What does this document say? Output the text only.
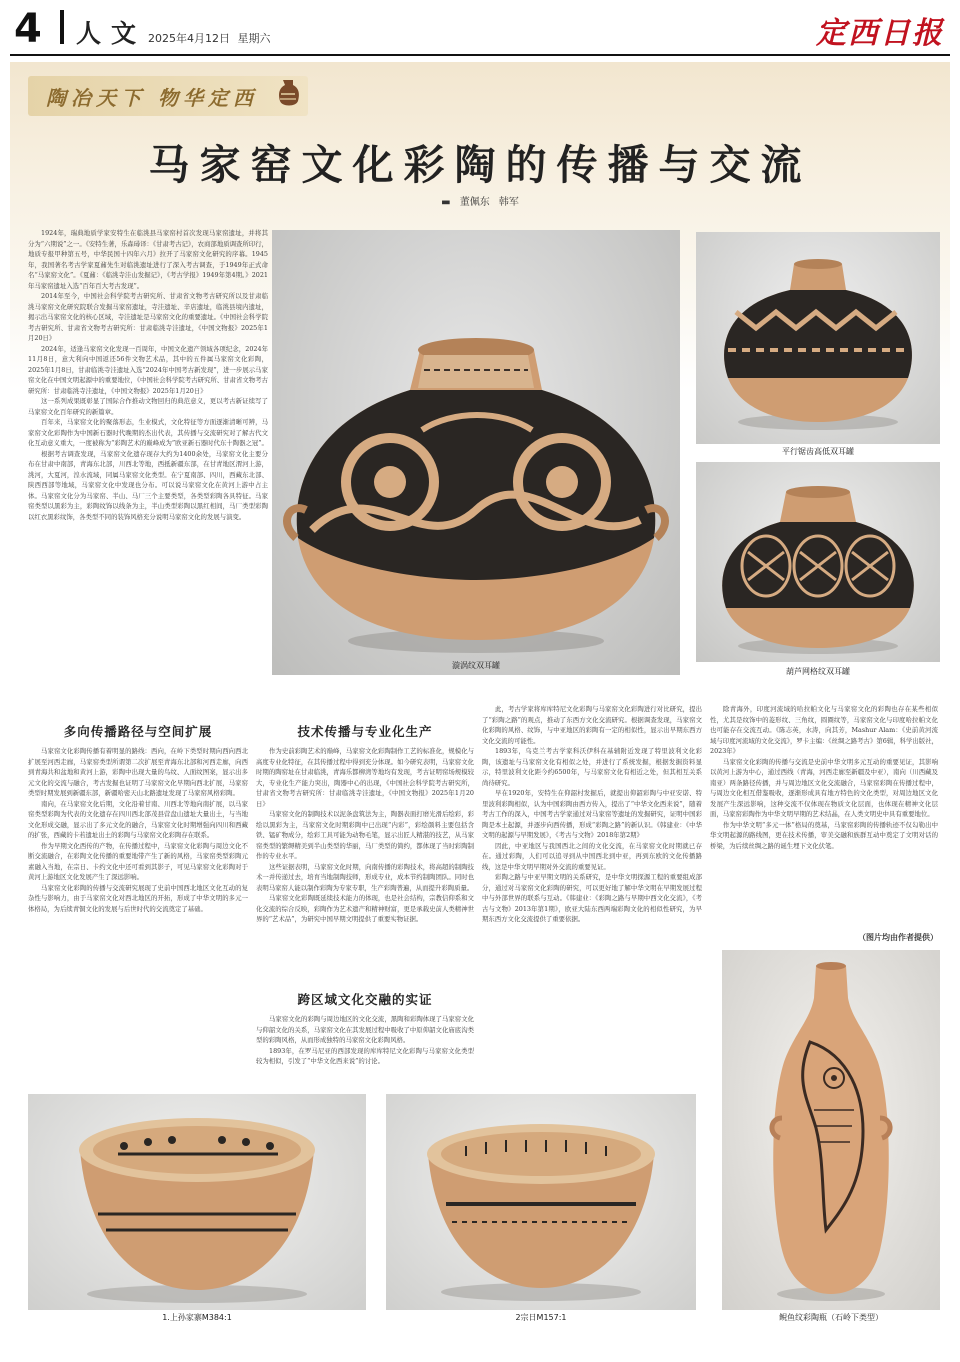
4 人文 2025年4月12日 星期六	定西日报
陶冶天下 物华定西
马家窑文化彩陶的传播与交流
▬ 董佩东 韩军

1924年，瑞典地质学家安特生在临洮县马家窑村首次发现马家窑遗址，并将其分为“六期说”之一。《安特生著，乐森璕译：《甘肃考古记》，农商部地质调查所印行，地质专报甲种第五号，中华民国十四年六月》拉开了马家窑文化研究的序幕。1945年，我国著名考古学家夏鼐先生对临洮遗址进行了深入考古调查，于1949年正式命名“马家窑文化”。《夏鼐：《临洮寺洼山发掘记》，《考古学报》1949年第4期。》2021年马家窑遗址入选“百年百大考古发现”。

2014年至今，中国社会科学院考古研究所、甘肃省文物考古研究所以及甘肃临洮马家窑文化研究院联合发掘马家窑遗址，寺洼遗址、辛店遗址，临洮县境内遗址，揭示出马家窑文化的核心区域，寺洼遗址是马家窑文化的重要遗址。《中国社会科学院考古研究所、甘肃省文物考古研究所：甘肃临洮寺洼遗址，《中国文物报》2025年1月20日》

2024年，适逢马家窑文化发现一百周年，中国文化遗产领域各项纪念，2024年11月8日，意大利向中国返还56件文物艺术品，其中的五件属马家窑文化彩陶，2025年1月8日，甘肃临洮寺洼遗址入选“2024年中国考古新发现”，进一步展示马家窑文化在中国文明起源中的重要地位，《中国社会科学院考古研究所、甘肃省文物考古研究所：甘肃临洮寺洼遗址，《中国文物报》2025年1月20日》

这一系列成果既彰显了国际合作推动文物回归的典范意义，更以考古新证续写了马家窑文化百年研究的新篇章。

百年来，马家窑文化的聚落形态，生业模式，文化特征等方面逐渐清晰可辨，马家窑文化彩陶作为中国新石器时代晚期的杰出代表，其传播与交流研究对了解古代文化互动意义重大，一度被称为“彩陶艺术的巅峰成为”欧亚新石器时代东十陶器之冠”。

根据考古调查发现，马家窑文化遗存现存大约为1400余处，马家窑文化主要分布在甘肃中南部，青海东北部，川西北等地，西抵新疆东部，在甘青地区渭河上游，洮河，大夏河，湟水流域，同属马家窑文化类型。在宁夏南部、四川，西藏东北部、陕西西部等地域，马家窑文化中发现也分布。可以说马家窑文化在黄河上游中占主体。马家窑文化分为马家窑、半山、马厂三个主要类型，各类型彩陶各具特征。马家窑类型以黑彩为主，彩陶纹饰以线条为主，半山类型彩陶以黑红相间，马厂类型彩陶以红衣黑彩纹饰，各类型不同的装饰风格充分说明马家窑文化的发展与演变。

漩涡纹双耳罐
平行锯齿高低双耳罐
葫芦网格纹双耳罐
多向传播路径与空间扩展

马家窑文化彩陶传播有着明显的路线：西向，在岭下类型时期向西向西北扩展至河西走廊，马家窑类型所谓第二次扩展至青海东北部和河西走廊，向西到青海共和盆地和黄河上游，彩陶中出现大量的鸟纹、人面纹图案，显示出多元文化的交流与融合，考古发掘也证明了马家窑文化早期向西北扩展，马家窑类型时期发展到新疆东部，新疆哈密天山北路遗址发现了马家窑风格彩陶。

南向，在马家窑文化后期，文化沿着甘南、川西北等地向南扩展，以马家窑类型彩陶为代表的文化遗存在四川西北部茂县营盘山遗址大量出土，与当地文化形成交融，显示出了多元文化的融合，马家窑文化时期增强向四川和西藏的扩张，西藏的卡若遗址出土的彩陶与马家窑文化彩陶存在联系。

作为早期文化西传的产物，在传播过程中，马家窑文化彩陶与周边文化不断交流融合，在彩陶文化传播的重要地带产生了新的风格，马家窑类型彩陶元素融入当地，在宗日、卡约文化中还可看到其影子，可见马家窑文化彩陶对于黄河上游地区文化发展产生了深远影响。

马家窑文化彩陶的传播与交流研究展现了史前中国西北地区文化互动的复杂性与影响力，由于马家窑文化对西北地区的开拓，形成了中华文明的多元一体格局，为后续青铜文化的发展与后世时代的交流奠定了基础。

技术传播与专业化生产

作为史前彩陶艺术的巅峰，马家窑文化彩陶制作工艺的标准化，规模化与高度专业化特征，在其传播过程中得到充分体现。如今研究表明，马家窑文化时期的陶窑址在甘肃临洮，青海乐都柳湾等地均有发现，考古证明窑场规模较大，专业化生产能力突出，陶器中心的出现，《中国社会科学院考古研究所，甘肃省文物考古研究所：甘肃临洮寺洼遗址，《中国文物报》2025年1月20日》

马家窑文化的制陶技术以泥条盘筑法为主，陶器表面打磨光滑后绘彩，彩绘以黑彩为主，马家窑文化时期彩陶中已出现“内彩”，彩绘颜料主要包括含铁、锰矿物成分，绘彩工具可能为动物毛笔，显示出匠人精湛的技艺，从马家窑类型的繁缛精美到半山类型的华丽，马厂类型的简约，都体现了当时彩陶制作的专业水平。

这些证据表明，马家窑文化时期，向南传播的彩陶技术，将高超的制陶技术一并传递过去，培育当地制陶技师，形成专业，成本节约制陶团队。同时也表明马家窑人能以制作彩陶为专家专职，生产彩陶普遍，从而提升彩陶质量。

马家窑文化彩陶既延续技术能力的体现，也是社会结构，宗教信仰系和文化交流的综合反映，彩陶作为艺术遗产和精神财富，更是承载史前人类精神世界的“艺术品”，为研究中国早期文明提供了重要实物证据。

跨区域文化交融的实证

马家窑文化的彩陶与周边地区的文化交流，黑陶和彩陶体现了马家窑文化与仰韶文化的关系，马家窑文化在其发展过程中吸收了中原仰韶文化庙底沟类型的彩陶风格，从而形成独特的马家窑文化彩陶风格。

1893年，在罗马尼亚的西部发现的库库特尼文化彩陶与马家窑文化类型较为相似，引发了“中华文化西来说”的讨论。

此，考古学家将库库特尼文化彩陶与马家窑文化彩陶进行对比研究，提出了“彩陶之路”的观点，推动了东西方文化交流研究。根据调查发现，马家窑文化彩陶的风格、纹饰，与中亚地区的彩陶有一定的相似性，显示出早期东西方文化交流的可能性。

1893年，乌克兰考古学家科沃伊科在基辅附近发现了特里波利文化彩陶，该遗址与马家窑文化有相似之处，并进行了系统发掘，根据发掘资料显示，特里波利文化距今约6500年，与马家窑文化有相近之处，但其相互关系尚待研究。

早在1920年，安特生在仰韶村发掘后，就提出仰韶彩陶与中亚安诺、特里波利彩陶相似，认为中国彩陶由西方传入，提出了“中华文化西来说”，随着考古工作的深入，中国考古学家通过对马家窑等遗址的发掘研究，证明中国彩陶是本土起源，并逐步向西传播，形成“彩陶之路”的新认识。《韩建业：《中华文明的起源与早期发展》，《考古与文物》2018年第2期》

因此，中亚地区与我国西北之间的文化交流，在马家窑文化时期就已存在。通过彩陶，人们可以追寻到从中国西北到中亚，再到东欧的文化传播路线，这是中华文明早期对外交流的重要见证。

彩陶之路与中亚早期文明的关系研究，是中华文明探源工程的重要组成部分，通过对马家窑文化彩陶的研究，可以更好地了解中华文明在早期发展过程中与外部世界的联系与互动。《韩建业：《彩陶之路与早期中西文化交流》，《考古与文物》2013年第1期》，欧亚大陆东西两端彩陶文化的相似性研究，为早期东西方文化交流提供了重要依据。

除青海外，印度河流域的哈拉帕文化与马家窑文化的彩陶也存在某些相似性，尤其是纹饰中的菱形纹、三角纹，圆圈纹等，马家窑文化与印度哈拉帕文化也可能存在交流互动。《陈志英，水涛，向其芳，Mashur Alam：《史前黄河流域与印度河流域的文化交流》，罗卡主编：《丝绸之路考古》第6辑，科学出版社，2023年》

马家窑文化彩陶的传播与交流是史前中华文明多元互动的重要见证，其影响以黄河上游为中心，通过西线（青海，河西走廊至新疆及中亚），南向（川西藏及南亚）两条路径传播，并与周边地区文化交流融合，马家窑彩陶在传播过程中，与周边文化相互借鉴吸收，逐渐形成具有地方特色的文化类型，对周边地区文化发展产生深远影响，这种交流不仅体现在物质文化层面，也体现在精神文化层面，马家窑彩陶作为中华文明早期的艺术结晶，在人类文明史中具有重要地位。

作为中华文明“多元一体”格局的奠基，马家窑彩陶的传播轨迹不仅勾勒出中华文明起源的路线图，更在技术传播，审美交融和族群互动中奠定了文明对话的桥梁，为后续丝绸之路的诞生埋下文化伏笔。

（图片均由作者提供）
鲵鱼纹彩陶瓶（石岭下类型）
1.上孙家寨M384:1	2宗日M157:1
